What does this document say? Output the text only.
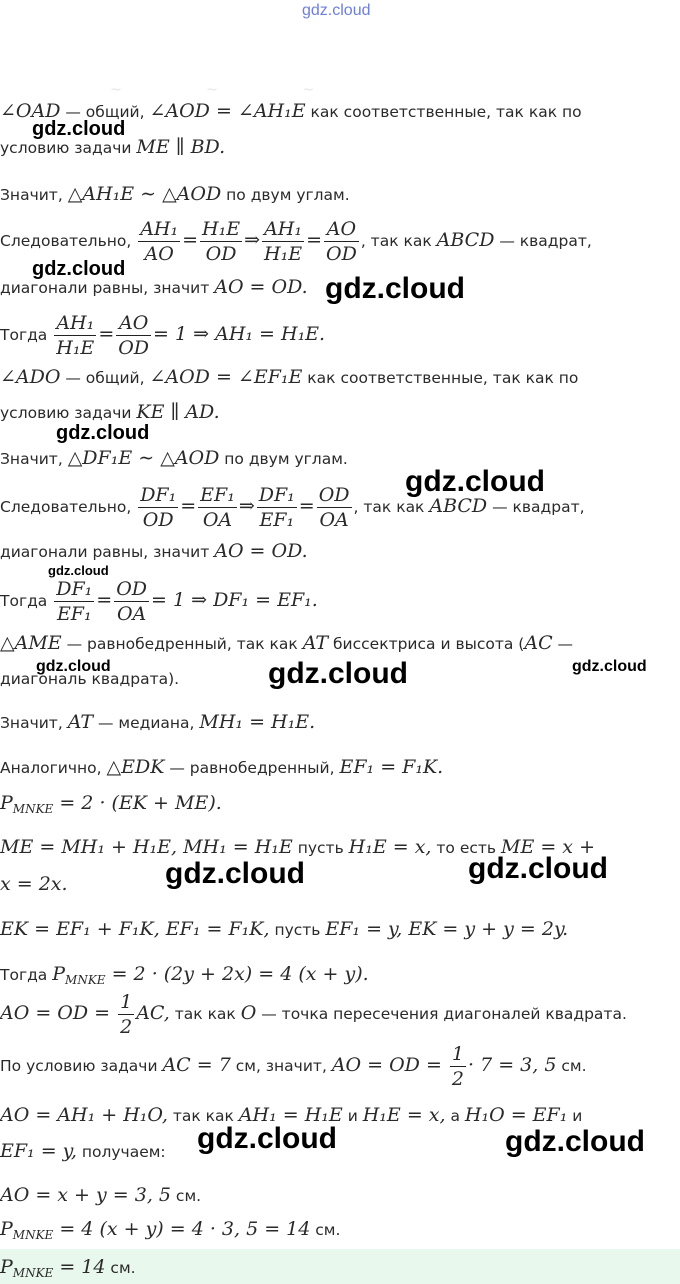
gdz.cloud
~ ~ ~
∠OAD — общий, ∠AOD = ∠AH₁E как соответственные, так как по
условию задачи ME ∥ BD.
Значит, △AH₁E ∼ △AOD по двум углам.
Следовательно, $\frac{\text{AH₁}}{AO} = \frac{\text{H₁E}}{OD}$ ⇒ $\frac{\text{AH₁}}{\text{H₁E}} = \frac{AO}{OD}$ , так как ABCD — квадрат,
диагонали равны, значит AO = OD.
Тогда $\frac{\text{AH₁}}{\text{H₁E}} = \frac{AO}{OD} = 1$ ⇒ AH₁ = H₁E.
∠ADO — общий, ∠AOD = ∠EF₁E как соответственные, так как по
условию задачи KE ∥ AD.
Значит, △DF₁E ∼ △AOD по двум углам.
Следовательно, $\frac{\text{DF₁}}{OD} = \frac{\text{EF₁}}{OA}$ ⇒ $\frac{\text{DF₁}}{\text{EF₁}} = \frac{OD}{OA}$ , так как ABCD — квадрат,
диагонали равны, значит AO = OD.
Тогда $\frac{\text{DF₁}}{\text{EF₁}} = \frac{OD}{OA} = 1$ ⇒ DF₁ = EF₁.
△AME — равнобедренный, так как AT биссектриса и высота (AC —
диагональ квадрата).
Значит, AT — медиана, MH₁ = H₁E.
Аналогично, △EDK — равнобедренный, EF₁ = F₁K.
$P_{MNKE} = 2 \cdot (EK + ME)$.
ME = MH₁ + H₁E, MH₁ = H₁E пусть H₁E = x, то есть ME = x +
x = 2x.
EK = EF₁ + F₁K, EF₁ = F₁K, пусть EF₁ = y, EK = y + y = 2y.
Тогда $P_{MNKE} = 2 \cdot (2y + 2x) = 4$ (x + y).
AO = OD = $\frac{1}{2}$ AC, так как O — точка пересечения диагоналей квадрата.
По условию задачи AC = 7 см, значит, AO = OD = $\frac{1}{2} \cdot 7 = 3$, 5 см.
AO = AH₁ + H₁O, так как AH₁ = H₁E и H₁E = x, а H₁O = EF₁ и
EF₁ = y, получаем:
AO = x + y = 3, 5 см.
$P_{MNKE} = 4$ (x + y) = 4 · 3, 5 = 14 см.
$P_{MNKE} = 14$ см.
gdz.cloud
gdz.cloud
gdz.cloud
gdz.cloud
gdz.cloud
gdz.cloud
gdz.cloud	gdz.cloud
gdz.cloud
gdz.cloud	gdz.cloud
gdz.cloud	gdz.cloud
